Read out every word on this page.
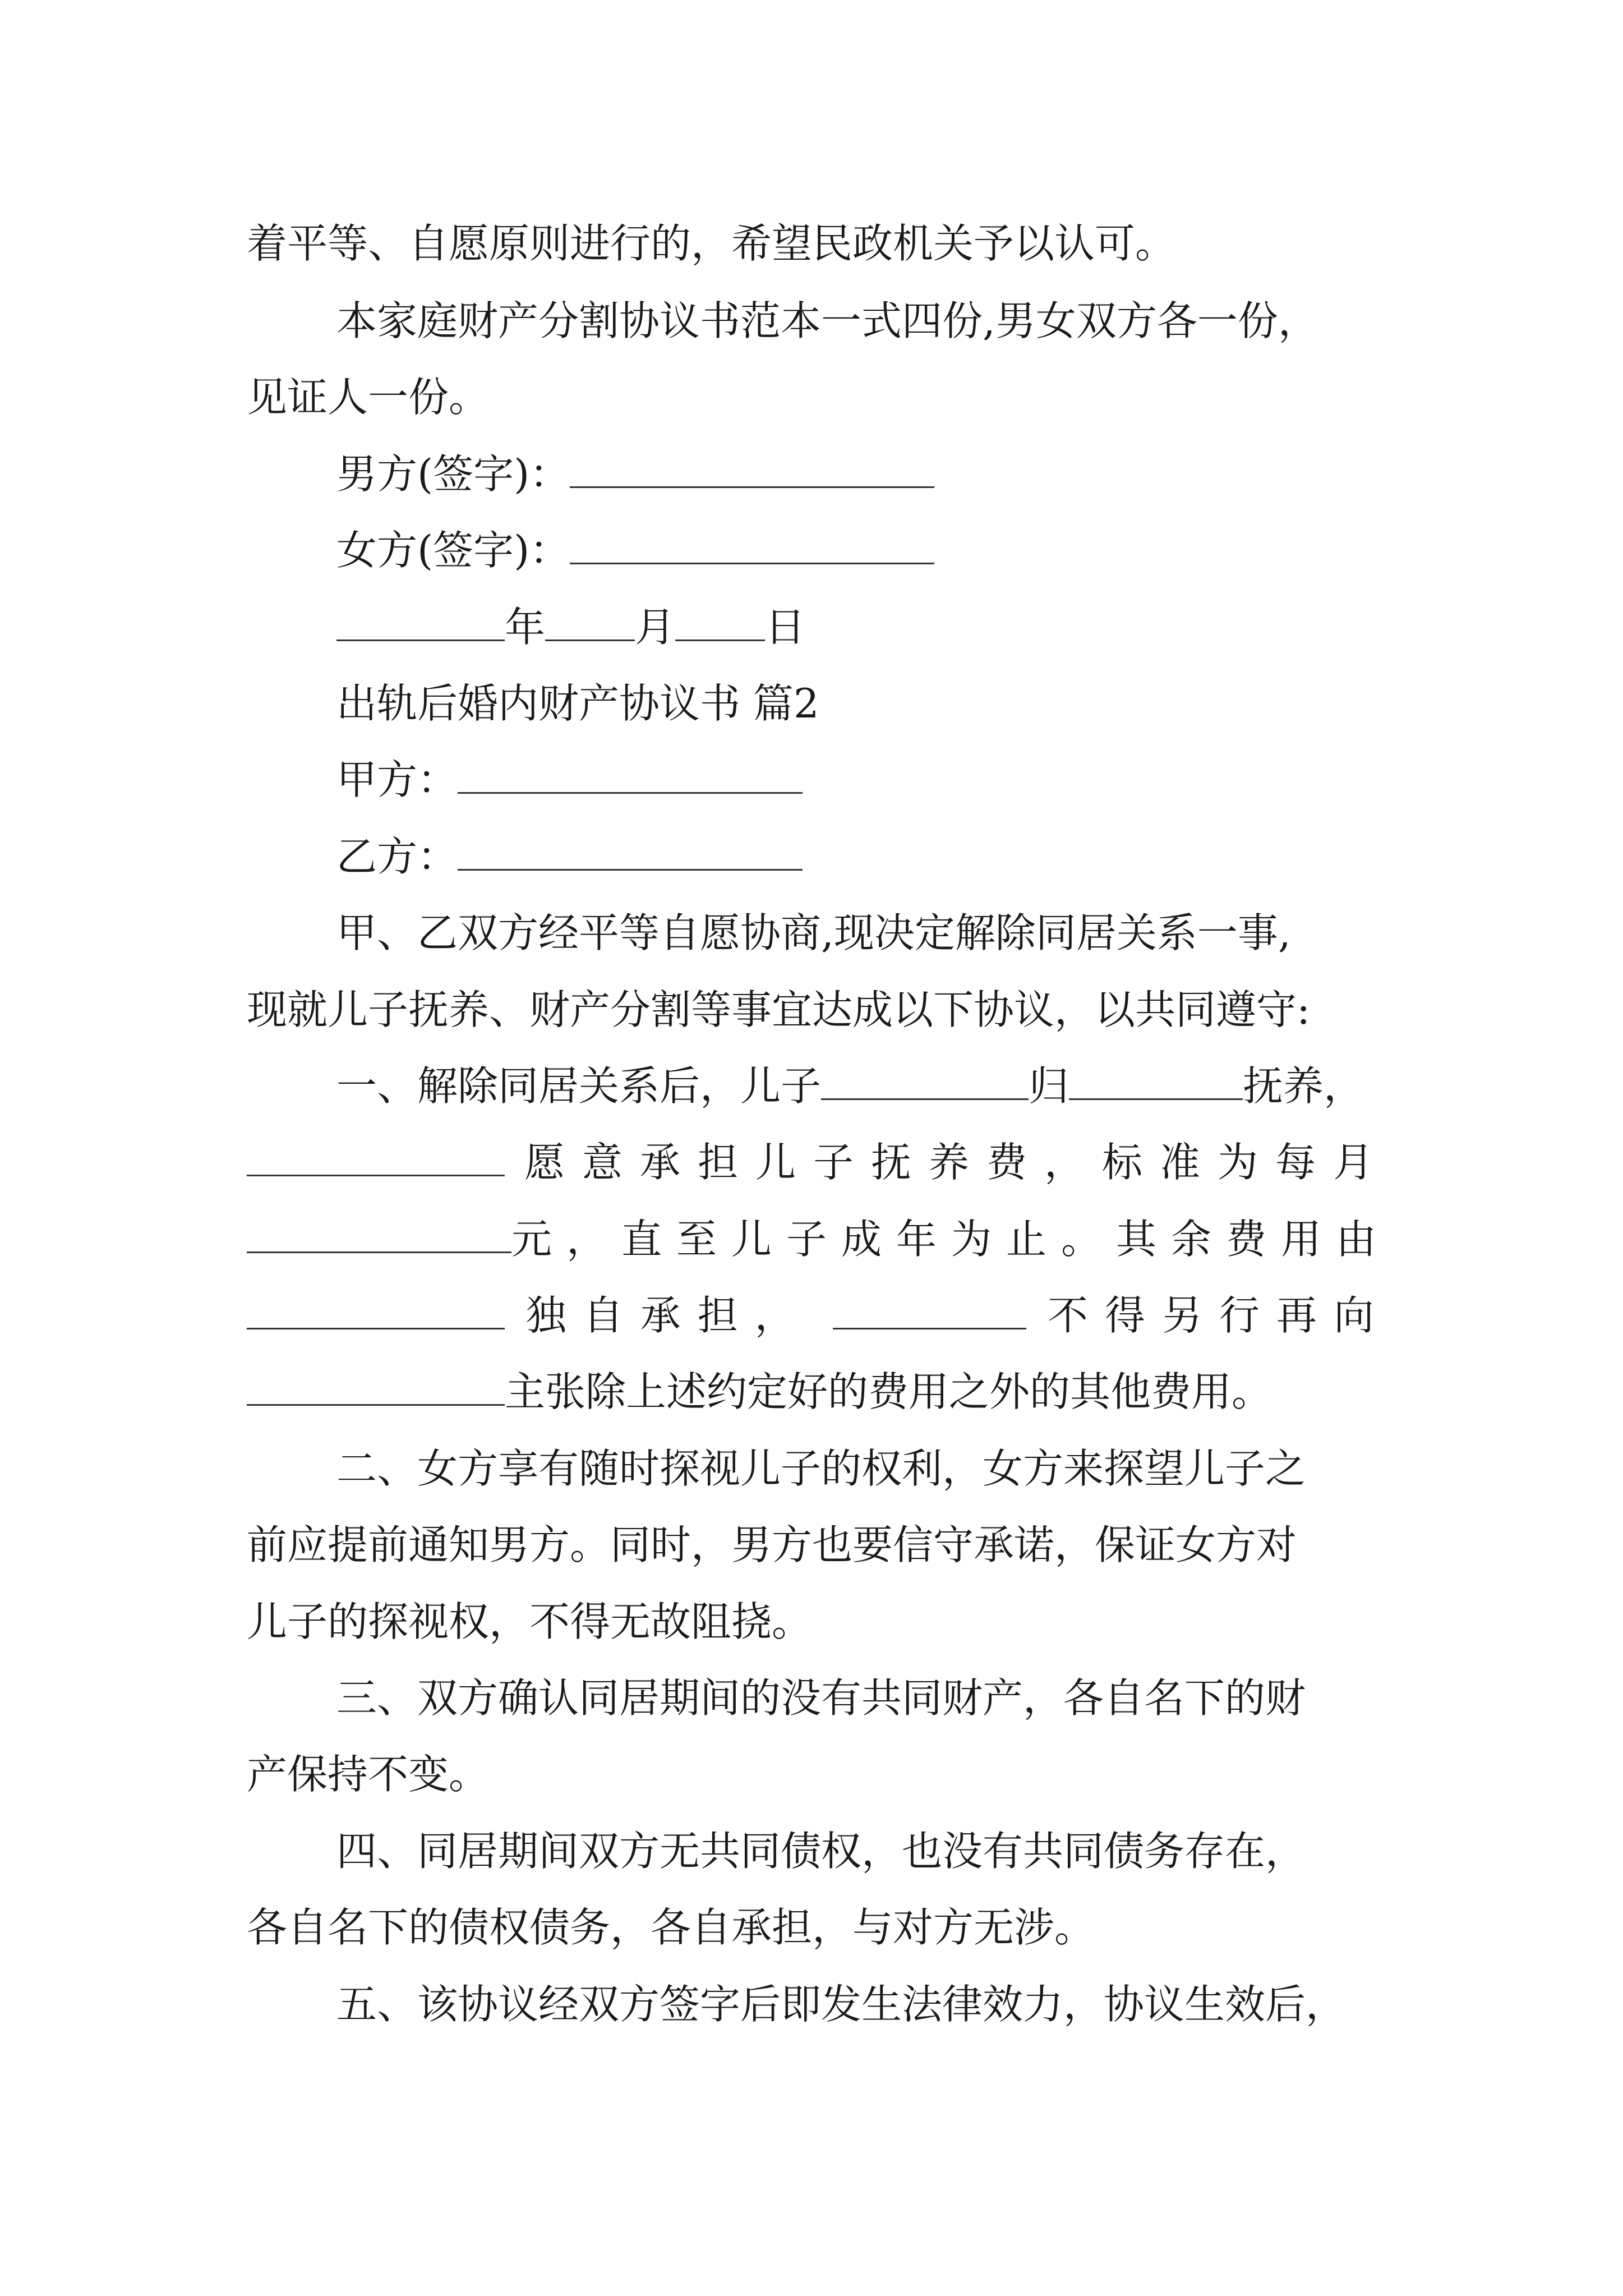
着平等、自愿原则进行的，希望民政机关予以认可。
本家庭财产分割协议书范本一式四份,男女双方各一份，
见证人一份。
男方(签字)：
女方(签字)：
年 月 日
出轨后婚内财产协议书 篇2
甲方：
乙方：
甲、乙双方经平等自愿协商,现决定解除同居关系一事,
现就儿子抚养、财产分割等事宜达成以下协议，以共同遵守:
一、解除同居关系后，儿子	归	抚养，
愿意承担儿子抚养费，标准为每月
元，直至儿子成年为止。其余费用由
独自承担，	不得另行再向
主张除上述约定好的费用之外的其他费用。
二、女方享有随时探视儿子的权利，女方来探望儿子之
前应提前通知男方。同时，男方也要信守承诺，保证女方对
儿子的探视权，不得无故阻挠。
三、双方确认同居期间的没有共同财产，各自名下的财
产保持不变。
四、同居期间双方无共同债权，也没有共同债务存在，
各自名下的债权债务，各自承担，与对方无涉。
五、该协议经双方签字后即发生法律效力，协议生效后，
